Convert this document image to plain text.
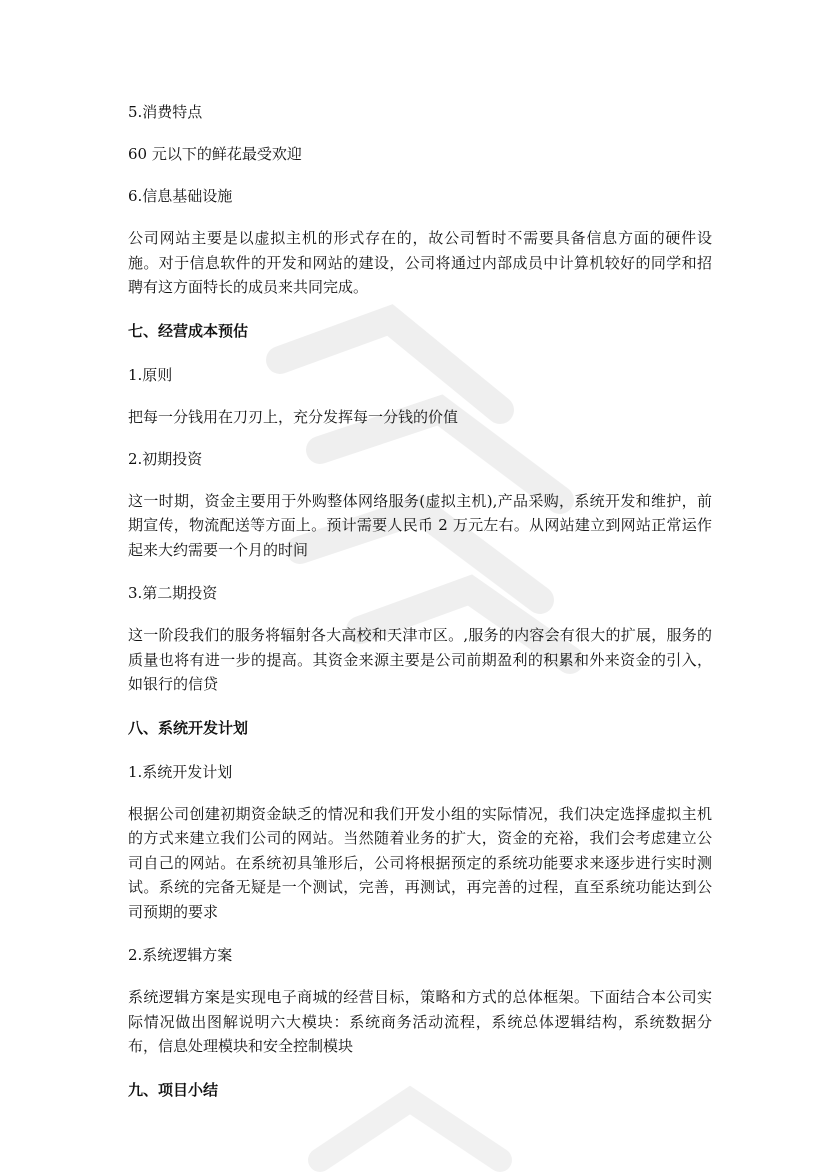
5.消费特点

60 元以下的鲜花最受欢迎

6.信息基础设施

公司网站主要是以虚拟主机的形式存在的，故公司暂时不需要具备信息方面的硬件设施。对于信息软件的开发和网站的建设，公司将通过内部成员中计算机较好的同学和招聘有这方面特长的成员来共同完成。

七、经营成本预估

1.原则

把每一分钱用在刀刃上，充分发挥每一分钱的价值

2.初期投资

这一时期，资金主要用于外购整体网络服务(虚拟主机),产品采购，系统开发和维护，前期宣传，物流配送等方面上。预计需要人民币 2 万元左右。从网站建立到网站正常运作起来大约需要一个月的时间

3.第二期投资

这一阶段我们的服务将辐射各大高校和天津市区。,服务的内容会有很大的扩展，服务的质量也将有进一步的提高。其资金来源主要是公司前期盈利的积累和外来资金的引入，如银行的信贷

八、系统开发计划

1.系统开发计划

根据公司创建初期资金缺乏的情况和我们开发小组的实际情况，我们决定选择虚拟主机的方式来建立我们公司的网站。当然随着业务的扩大，资金的充裕，我们会考虑建立公司自己的网站。在系统初具雏形后，公司将根据预定的系统功能要求来逐步进行实时测试。系统的完备无疑是一个测试，完善，再测试，再完善的过程，直至系统功能达到公司预期的要求

2.系统逻辑方案

系统逻辑方案是实现电子商城的经营目标，策略和方式的总体框架。下面结合本公司实际情况做出图解说明六大模块：系统商务活动流程，系统总体逻辑结构，系统数据分布，信息处理模块和安全控制模块

九、项目小结
